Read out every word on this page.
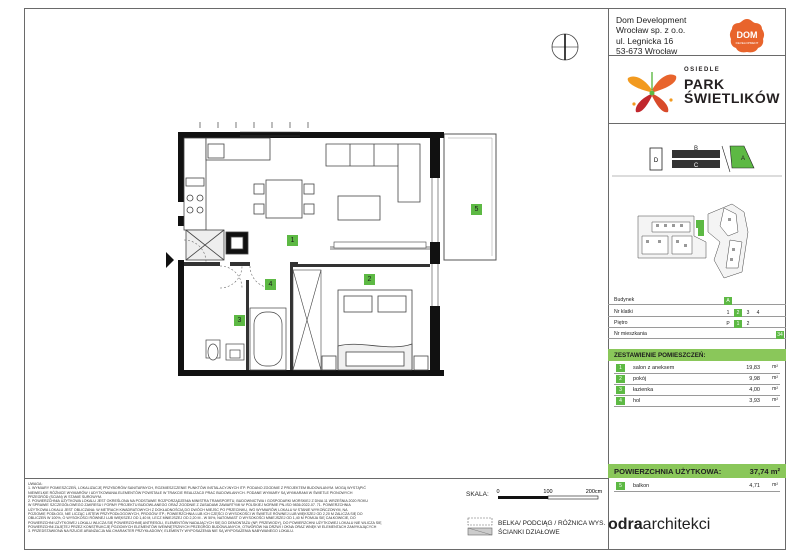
Dom Development
Wrocław sp. z o.o.
ul. Legnicka 16
53-673 Wrocław
DOM
DEVELOPMENT
OSIEDLE
PARK
ŚWIETLIKÓW
D
B
C
A
Budynek	A
Nr klatki	1	2	3	4
Piętro	P	1	2
Nr mieszkania	34
ZESTAWIENIE POMIESZCZEŃ:
1	salon z aneksem	19,83 m²
2	pokój	9,98 m²
3	łazienka	4,00 m²
4	hol	3,93 m²
POWIERZCHNIA UŻYTKOWA:	37,74 m²
5	balkon	4,71 m²
1
2
3
4
5
UWAGA:
1. WYMIARY POMIESZCZEŃ, LOKALIZACJĘ PRZYBORÓW SANITARNYCH, ROZMIESZCZENIE PUNKTÓW INSTALACYJNYCH ITP. PODANO ZGODNIE Z PROJEKTEM BUDOWLANYM. MOGĄ WYSTĄPIĆ
NIEWIELKIE RÓŻNICE WYMIARÓW I UDYTKOWANIA ELEMENTÓW POWSTAŁE W TRAKCIE REALIZACJI PRAC BUDOWLANYCH. PODANE WYMIARY SĄ WYMIARAMI W ŚWIETLE PIONOWYCH
PRZEGRÓD (SCIAN) W STANIE SUROWYM.
2. POWIERZCHNIA UŻYTKOWA LOKALU JEST OKREŚLONA NA PODSTAWIE ROZPORZĄDZENIA MINISTRA TRANSPORTU, BUDOWNICTWA I GOSPODARKI MORSKIEJ Z DNIA 11 WRZEŚNIA 2020 ROKU
W SPRAWIE SZCZEGÓŁOWEGO ZAKRESU I FORMY PROJEKTU BUDOWLANEGO ORAZ ZGODNIE Z ZASADAMI ZAWARTYMI W POLSKIEJ NORMIE PN-ISO 9836:2022-07. 71. POWIERZCHNIA
UŻYTKOWA LOKALU JEST OBLICZANA: W METRACH KWADRATOWYCH Z DOKŁADNOŚCIĄ DO DWÓCH MIEJSC PO PRZECINKU, WG WYMIARÓW LOKALU W STANIE WYKOŃCZONYM, NA
POZIOMIE PODŁOGI, NIE LICZĄC LISTEW PRZYPODŁOGOWYCH, PROGÓW ITP.; POWIERZCHNIA LUB ICH CZĘŚCI O WYSOKOŚCI W ŚWIETLE RÓWNEJ LUB WIĘKSZEJ OD 2,20 M ZALICZA SIĘ DO
OBLICZEŃ W 100%, O WYSOKOŚCI RÓWNEJ LUB WIĘKSZEJ OD 1,40 M, LECZ MNIEJSZEJ OD 2,20 M - W 50%, NATOMIAST O WYSOKOŚCI MNIEJSZEJ OD 1,40 M POMIJA SIĘ CAŁKOWICIE, DO
POWIERZCHNI UŻYTKOWEJ LOKALU WLICZA SIĘ POWIERZCHNIĘ ANTRESOLI, ELEMENTÓW NADAJĄCYCH SIĘ DO DEMONTAŻU (NP. PRZEWODY), DO POWIERZCHNI UŻYTKOWEJ LOKALU NIE WLICZA SIĘ
POWIERZCHNI ZAJĘTEJ PRZEZ KONSTRUKCJĘ POZIOMYCH ELEMENTÓW WEWNĘTRZNYCH PRZEGRÓD BUDOWLANYCH, OTWORÓW NA DRZWI I OKNA ORAZ WNĘK W ELEMENTACH ZAMYKAJĄCYCH
3. PRZEDSTAWIONA NA RZUCIE ARANŻACJA MA CHARAKTER PRZYKŁADOWY, ELEMENTY WYPOSAŻENIA NIE SĄ WYPOSAŻENIA NABYWANEGO LOKALU.
SKALA: 0	100	200cm
BELKA/ PODCIĄG / RÓŻNICA WYS.
ŚCIANKI DZIAŁOWE	odraarchitekci
